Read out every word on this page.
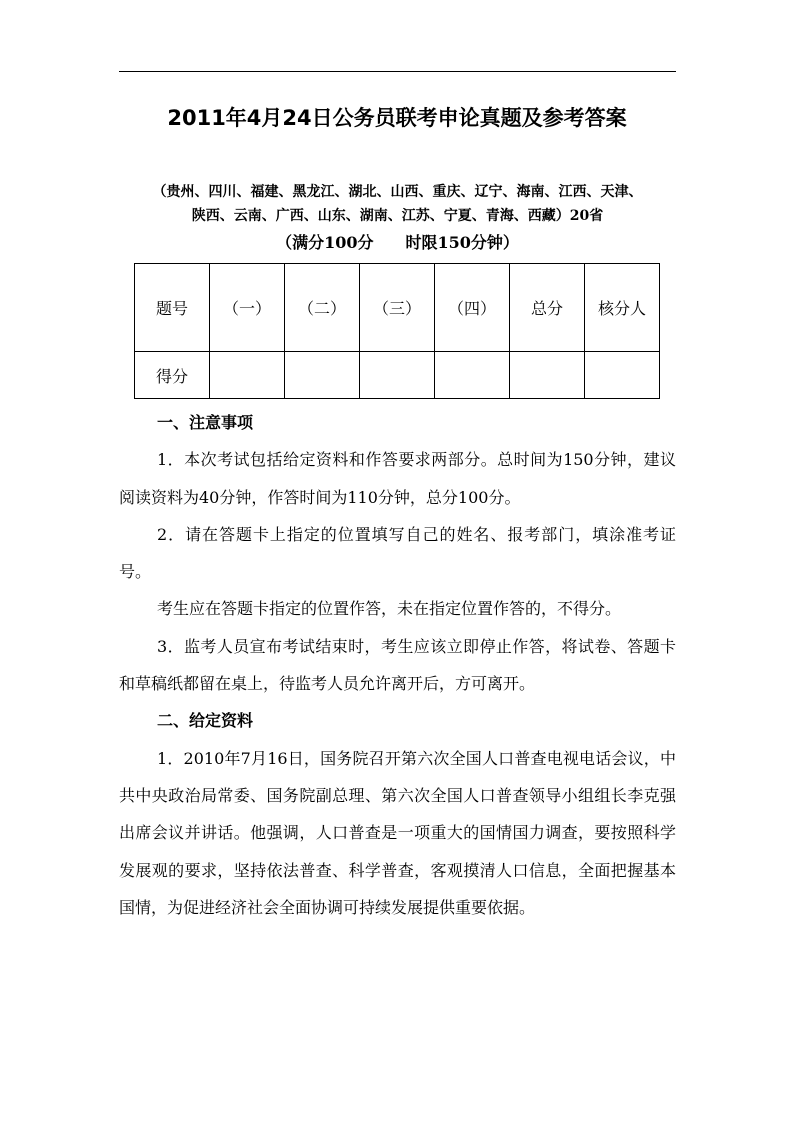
2011年4月24日公务员联考申论真题及参考答案
（贵州、四川、福建、黑龙江、湖北、山西、重庆、辽宁、海南、江西、天津、
陕西、云南、广西、山东、湖南、江苏、宁夏、青海、西藏）20省
（满分100分　　时限150分钟）
题号	（一）	（二）	（三）	（四）	总分	核分人
得分						

一、注意事项

1．本次考试包括给定资料和作答要求两部分。总时间为150分钟，建议阅读资料为40分钟，作答时间为110分钟，总分100分。

2．请在答题卡上指定的位置填写自己的姓名、报考部门，填涂准考证号。

考生应在答题卡指定的位置作答，未在指定位置作答的，不得分。

3．监考人员宣布考试结束时，考生应该立即停止作答，将试卷、答题卡和草稿纸都留在桌上，待监考人员允许离开后，方可离开。

二、给定资料

1．2010年7月16日，国务院召开第六次全国人口普查电视电话会议，中共中央政治局常委、国务院副总理、第六次全国人口普查领导小组组长李克强出席会议并讲话。他强调，人口普查是一项重大的国情国力调查，要按照科学发展观的要求，坚持依法普查、科学普查，客观摸清人口信息，全面把握基本国情，为促进经济社会全面协调可持续发展提供重要依据。
